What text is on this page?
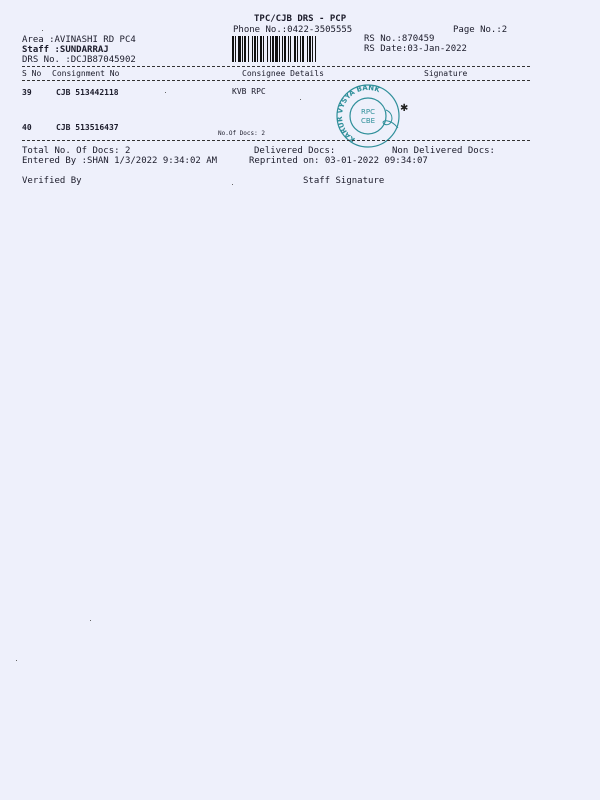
TPC/CJB DRS - PCP
Phone No.:0422-3505555	Page No.:2
Area :AVINASHI RD PC4
Staff :SUNDARRAJ
DRS No. :DCJB87045902
RS No.:870459
RS Date:03-Jan-2022
S No Consignment No	Consignee Details	Signature
39	CJB 513442118	KVB RPC
40	CJB 513516437
No.Of Docs: 2
KARUR VYSYA BANK
RPC
CBE
✱
Total No. Of Docs: 2	Delivered Docs:	Non Delivered Docs:
Entered By :SHAN 1/3/2022 9:34:02 AM	Reprinted on: 03-01-2022 09:34:07
Verified By	Staff Signature
